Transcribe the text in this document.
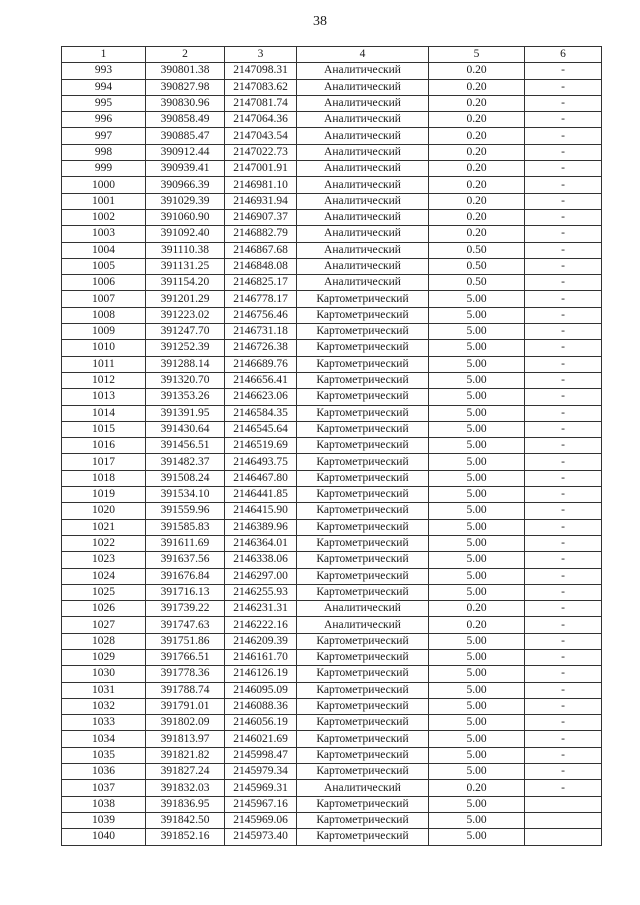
38
1	2	3	4	5	6
993	390801.38	2147098.31	Аналитический	0.20	-
994	390827.98	2147083.62	Аналитический	0.20	-
995	390830.96	2147081.74	Аналитический	0.20	-
996	390858.49	2147064.36	Аналитический	0.20	-
997	390885.47	2147043.54	Аналитический	0.20	-
998	390912.44	2147022.73	Аналитический	0.20	-
999	390939.41	2147001.91	Аналитический	0.20	-
1000	390966.39	2146981.10	Аналитический	0.20	-
1001	391029.39	2146931.94	Аналитический	0.20	-
1002	391060.90	2146907.37	Аналитический	0.20	-
1003	391092.40	2146882.79	Аналитический	0.20	-
1004	391110.38	2146867.68	Аналитический	0.50	-
1005	391131.25	2146848.08	Аналитический	0.50	-
1006	391154.20	2146825.17	Аналитический	0.50	-
1007	391201.29	2146778.17	Картометрический	5.00	-
1008	391223.02	2146756.46	Картометрический	5.00	-
1009	391247.70	2146731.18	Картометрический	5.00	-
1010	391252.39	2146726.38	Картометрический	5.00	-
1011	391288.14	2146689.76	Картометрический	5.00	-
1012	391320.70	2146656.41	Картометрический	5.00	-
1013	391353.26	2146623.06	Картометрический	5.00	-
1014	391391.95	2146584.35	Картометрический	5.00	-
1015	391430.64	2146545.64	Картометрический	5.00	-
1016	391456.51	2146519.69	Картометрический	5.00	-
1017	391482.37	2146493.75	Картометрический	5.00	-
1018	391508.24	2146467.80	Картометрический	5.00	-
1019	391534.10	2146441.85	Картометрический	5.00	-
1020	391559.96	2146415.90	Картометрический	5.00	-
1021	391585.83	2146389.96	Картометрический	5.00	-
1022	391611.69	2146364.01	Картометрический	5.00	-
1023	391637.56	2146338.06	Картометрический	5.00	-
1024	391676.84	2146297.00	Картометрический	5.00	-
1025	391716.13	2146255.93	Картометрический	5.00	-
1026	391739.22	2146231.31	Аналитический	0.20	-
1027	391747.63	2146222.16	Аналитический	0.20	-
1028	391751.86	2146209.39	Картометрический	5.00	-
1029	391766.51	2146161.70	Картометрический	5.00	-
1030	391778.36	2146126.19	Картометрический	5.00	-
1031	391788.74	2146095.09	Картометрический	5.00	-
1032	391791.01	2146088.36	Картометрический	5.00	-
1033	391802.09	2146056.19	Картометрический	5.00	-
1034	391813.97	2146021.69	Картометрический	5.00	-
1035	391821.82	2145998.47	Картометрический	5.00	-
1036	391827.24	2145979.34	Картометрический	5.00	-
1037	391832.03	2145969.31	Аналитический	0.20	-
1038	391836.95	2145967.16	Картометрический	5.00	
1039	391842.50	2145969.06	Картометрический	5.00	
1040	391852.16	2145973.40	Картометрический	5.00	
